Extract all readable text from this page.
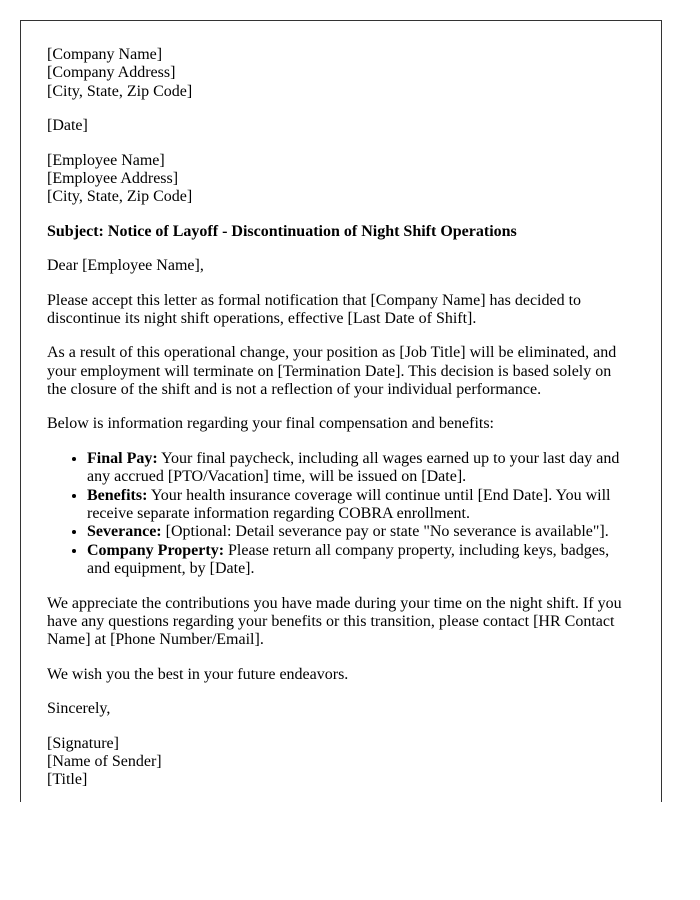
[Company Name]
[Company Address]
[City, State, Zip Code]
[Date]
[Employee Name]
[Employee Address]
[City, State, Zip Code]
Subject: Notice of Layoff - Discontinuation of Night Shift Operations
Dear [Employee Name],

Please accept this letter as formal notification that [Company Name] has decided to discontinue its night shift operations, effective [Last Date of Shift].

As a result of this operational change, your position as [Job Title] will be eliminated, and your employment will terminate on [Termination Date]. This decision is based solely on the closure of the shift and is not a reflection of your individual performance.

Below is information regarding your final compensation and benefits:

• Final Pay: Your final paycheck, including all wages earned up to your last day and any accrued [PTO/Vacation] time, will be issued on [Date].
• Benefits: Your health insurance coverage will continue until [End Date]. You will receive separate information regarding COBRA enrollment.
• Severance: [Optional: Detail severance pay or state "No severance is available"].
• Company Property: Please return all company property, including keys, badges, and equipment, by [Date].

We appreciate the contributions you have made during your time on the night shift. If you have any questions regarding your benefits or this transition, please contact [HR Contact Name] at [Phone Number/Email].

We wish you the best in your future endeavors.

Sincerely,

[Signature]
[Name of Sender]
[Title]
